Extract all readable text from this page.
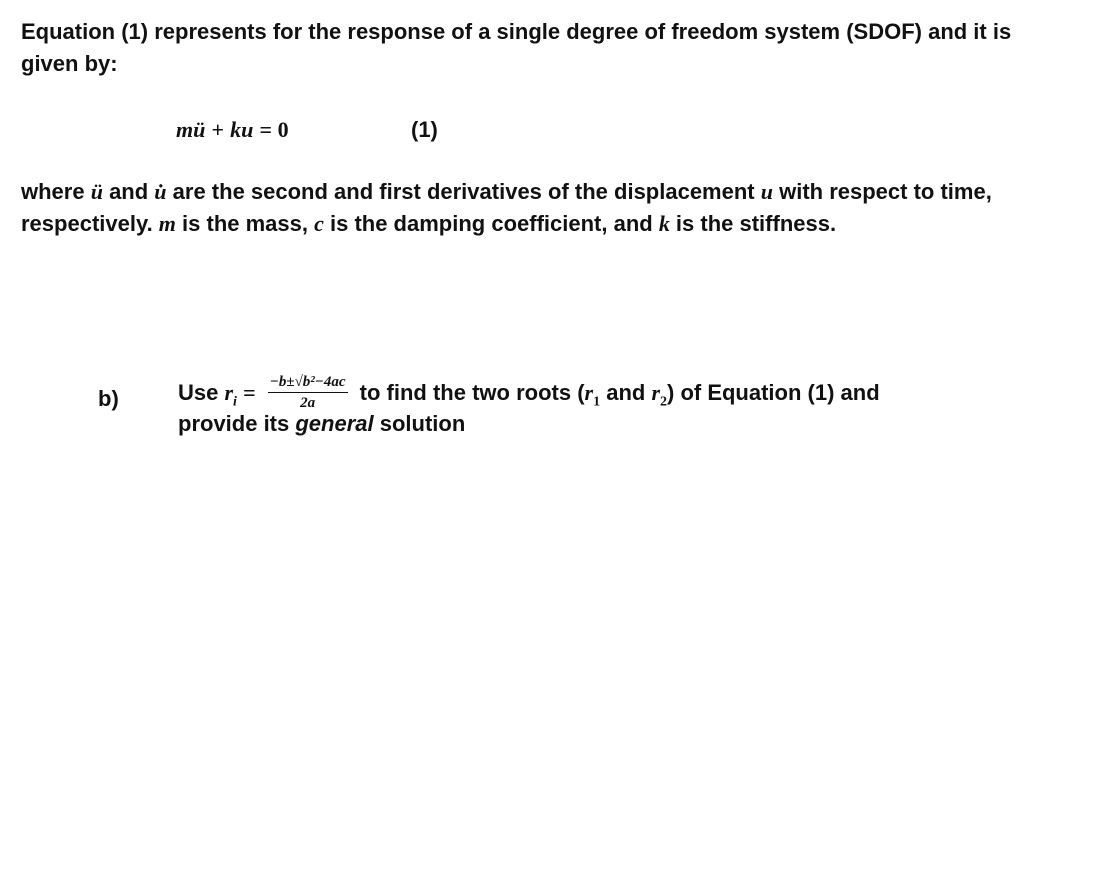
Equation (1) represents for the response of a single degree of freedom system (SDOF) and it is
given by:
mü + ku = 0	(1)
where ü and u̇ are the second and first derivatives of the displacement u with respect to time,
respectively. m is the mass, c is the damping coefficient, and k is the stiffness.
b)	Use $r_i = \frac{\text{−b±√b²−4ac}}{2a}$ to find the two roots ($r_1$ and $r_2$) of Equation (1) and
provide its general solution
